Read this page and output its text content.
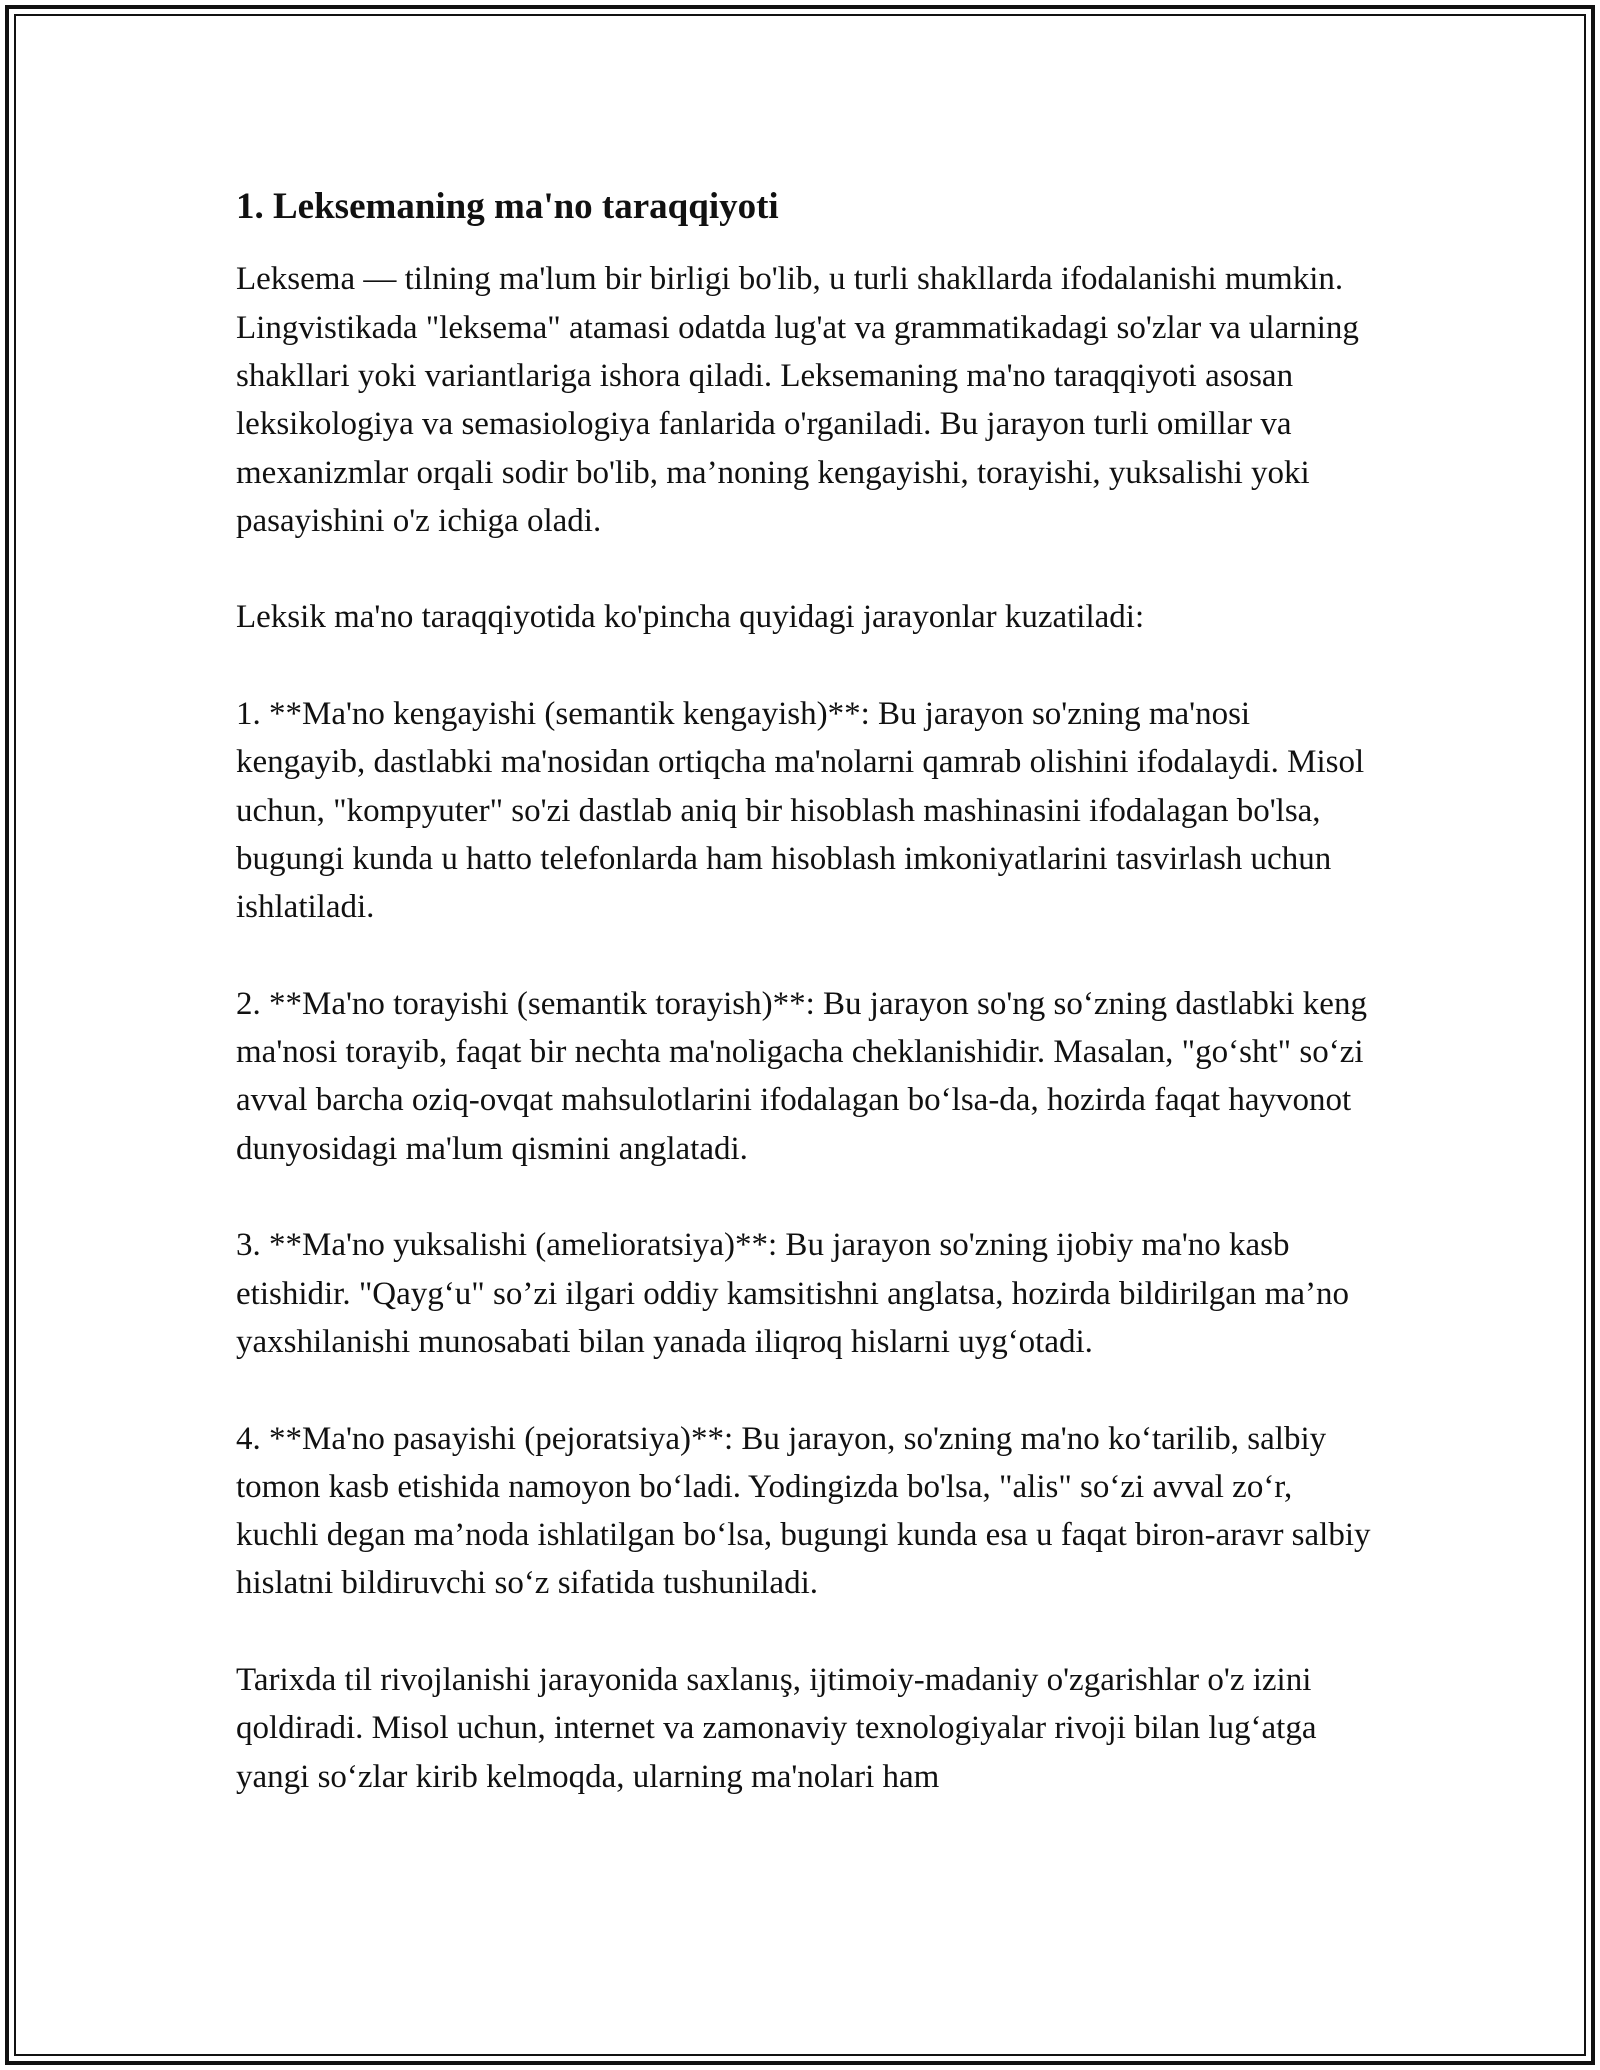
1. Leksemaning ma'no taraqqiyoti

Leksema — tilning ma'lum bir birligi bo'lib, u turli shakllarda ifodalanishi mumkin. Lingvistikada "leksema" atamasi odatda lug'at va grammatikadagi so'zlar va ularning shakllari yoki variantlariga ishora qiladi. Leksemaning ma'no taraqqiyoti asosan leksikologiya va semasiologiya fanlarida o'rganiladi. Bu jarayon turli omillar va mexanizmlar orqali sodir bo'lib, ma’noning kengayishi, torayishi, yuksalishi yoki pasayishini o'z ichiga oladi.

Leksik ma'no taraqqiyotida ko'pincha quyidagi jarayonlar kuzatiladi:

1. **Ma'no kengayishi (semantik kengayish)**: Bu jarayon so'zning ma'nosi kengayib, dastlabki ma'nosidan ortiqcha ma'nolarni qamrab olishini ifodalaydi. Misol uchun, "kompyuter" so'zi dastlab aniq bir hisoblash mashinasini ifodalagan bo'lsa, bugungi kunda u hatto telefonlarda ham hisoblash imkoniyatlarini tasvirlash uchun ishlatiladi.

2. **Ma'no torayishi (semantik torayish)**: Bu jarayon so'ng so‘zning dastlabki keng ma'nosi torayib, faqat bir nechta ma'noligacha cheklanishidir. Masalan, "go‘sht" so‘zi avval barcha oziq-ovqat mahsulotlarini ifodalagan bo‘lsa-da, hozirda faqat hayvonot dunyosidagi ma'lum qismini anglatadi.

3. **Ma'no yuksalishi (amelioratsiya)**: Bu jarayon so'zning ijobiy ma'no kasb etishidir. "Qayg‘u" so’zi ilgari oddiy kamsitishni anglatsa, hozirda bildirilgan ma’no yaxshilanishi munosabati bilan yanada iliqroq hislarni uyg‘otadi.

4. **Ma'no pasayishi (pejoratsiya)**: Bu jarayon, so'zning ma'no ko‘tarilib, salbiy tomon kasb etishida namoyon bo‘ladi. Yodingizda bo'lsa, "alis" so‘zi avval zo‘r, kuchli degan ma’noda ishlatilgan bo‘lsa, bugungi kunda esa u faqat biron-aravr salbiy hislatni bildiruvchi so‘z sifatida tushuniladi.

Tarixda til rivojlanishi jarayonida saxlanış, ijtimoiy-madaniy o'zgarishlar o'z izini qoldiradi. Misol uchun, internet va zamonaviy texnologiyalar rivoji bilan lug‘atga yangi so‘zlar kirib kelmoqda, ularning ma'nolari ham
